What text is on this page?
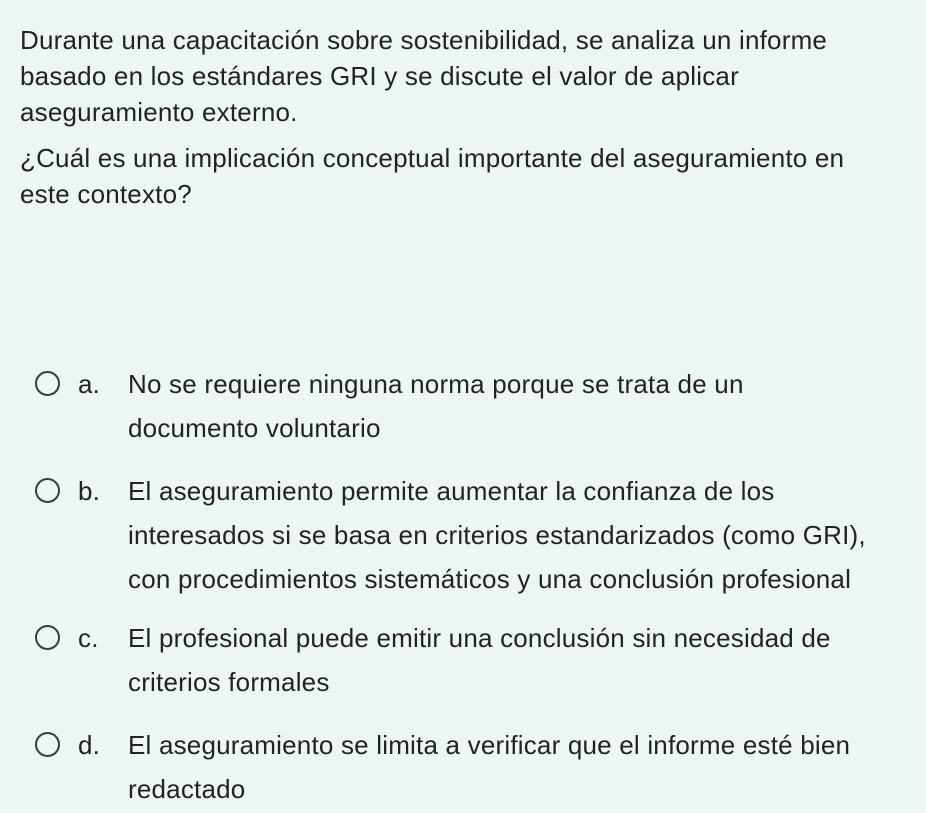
Durante una capacitación sobre sostenibilidad, se analiza un informe
basado en los estándares GRI y se discute el valor de aplicar
aseguramiento externo.
¿Cuál es una implicación conceptual importante del aseguramiento en
este contexto?
a. No se requiere ninguna norma porque se trata de un
documento voluntario
b. El aseguramiento permite aumentar la confianza de los
interesados si se basa en criterios estandarizados (como GRI),
con procedimientos sistemáticos y una conclusión profesional
c. El profesional puede emitir una conclusión sin necesidad de
criterios formales
d. El aseguramiento se limita a verificar que el informe esté bien
redactado
